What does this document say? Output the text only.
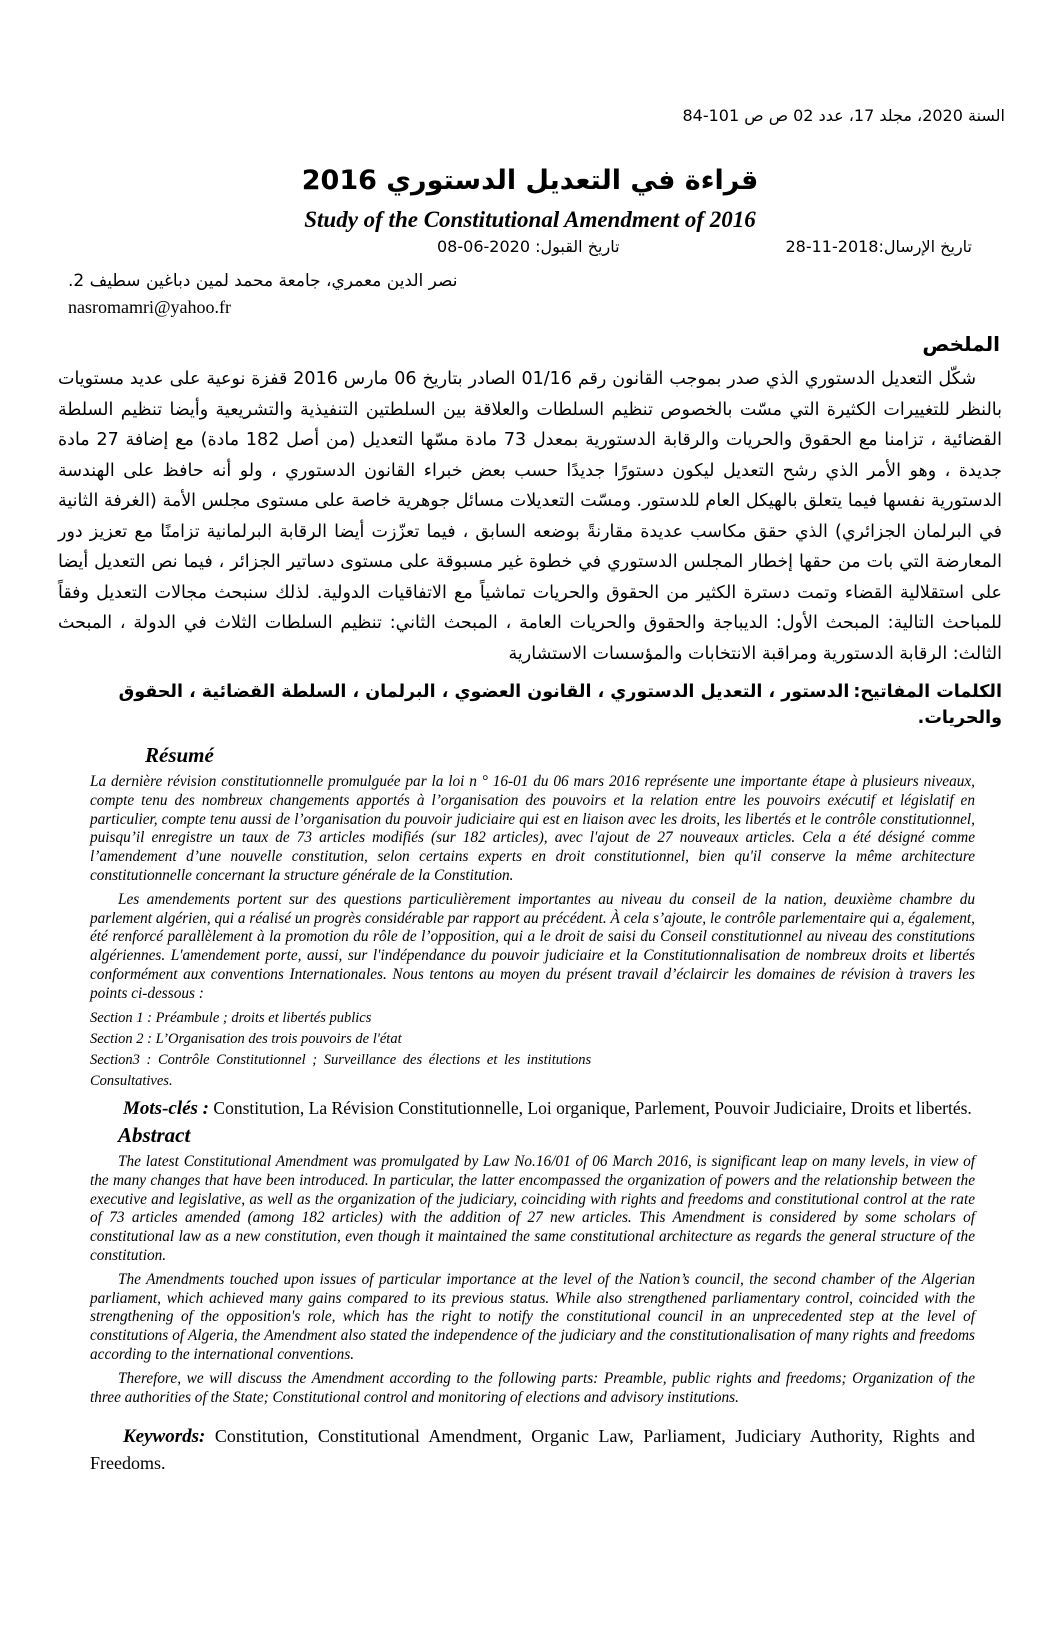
السنة 2020، مجلد 17، عدد 02 ص ص 101-84
قراءة في التعديل الدستوري 2016
Study of the Constitutional Amendment of 2016
تاريخ القبول: 2020-06-08	تاريخ الإرسال:2018-11-28
نصر الدين معمري، جامعة محمد لمين دباغين سطيف 2.
nasromamri@yahoo.fr
الملخص

شكّل التعديل الدستوري الذي صدر بموجب القانون رقم 01/16 الصادر بتاريخ 06 مارس 2016 قفزة نوعية على عديد مستويات بالنظر للتغييرات الكثيرة التي مسّت بالخصوص تنظيم السلطات والعلاقة بين السلطتين التنفيذية والتشريعية وأيضا تنظيم السلطة القضائية ، تزامنا مع الحقوق والحريات والرقابة الدستورية بمعدل 73 مادة مسّها التعديل (من أصل 182 مادة) مع إضافة 27 مادة جديدة ، وهو الأمر الذي رشح التعديل ليكون دستورًا جديدًا حسب بعض خبراء القانون الدستوري ، ولو أنه حافظ على الهندسة الدستورية نفسها فيما يتعلق بالهيكل العام للدستور. ومسّت التعديلات مسائل جوهرية خاصة على مستوى مجلس الأمة (الغرفة الثانية في البرلمان الجزائري) الذي حقق مكاسب عديدة مقارنةً بوضعه السابق ، فيما تعزّزت أيضا الرقابة البرلمانية تزامنًا مع تعزيز دور المعارضة التي بات من حقها إخطار المجلس الدستوري في خطوة غير مسبوقة على مستوى دساتير الجزائر ، فيما نص التعديل أيضا على استقلالية القضاء وتمت دسترة الكثير من الحقوق والحريات تماشياً مع الاتفاقيات الدولية. لذلك سنبحث مجالات التعديل وفقاً للمباحث التالية: المبحث الأول: الديباجة والحقوق والحريات العامة ، المبحث الثاني: تنظيم السلطات الثلاث في الدولة ، المبحث الثالث: الرقابة الدستورية ومراقبة الانتخابات والمؤسسات الاستشارية

الكلمات المفاتيح:الدستور ، التعديل الدستوري ، القانون العضوي ، البرلمان ، السلطة القضائية ، الحقوق والحريات.

Résumé

La dernière révision constitutionnelle promulguée par la loi n ° 16-01 du 06 mars 2016 représente une importante étape à plusieurs niveaux, compte tenu des nombreux changements apportés à l’organisation des pouvoirs et la relation entre les pouvoirs exécutif et législatif en particulier, compte tenu aussi de l’organisation du pouvoir judiciaire qui est en liaison avec les droits, les libertés et le contrôle constitutionnel, puisqu’il enregistre un taux de 73 articles modifiés (sur 182 articles), avec l'ajout de 27 nouveaux articles. Cela a été désigné comme l’amendement d’une nouvelle constitution, selon certains experts en droit constitutionnel, bien qu'il conserve la même architecture constitutionnelle concernant la structure générale de la Constitution.

Les amendements portent sur des questions particulièrement importantes au niveau du conseil de la nation, deuxième chambre du parlement algérien, qui a réalisé un progrès considérable par rapport au précédent. À cela s’ajoute, le contrôle parlementaire qui a, également, été renforcé parallèlement à la promotion du rôle de l’opposition, qui a le droit de saisi du Conseil constitutionnel au niveau des constitutions algériennes. L'amendement porte, aussi, sur l'indépendance du pouvoir judiciaire et la Constitutionnalisation de nombreux droits et libertés conformément aux conventions Internationales. Nous tentons au moyen du présent travail d’éclaircir les domaines de révision à travers les points ci-dessous :

Section 1 : Préambule ; droits et libertés publics
Section 2 : L’Organisation des trois pouvoirs de l'état
Section3 : Contrôle Constitutionnel ; Surveillance des élections et les institutions
Consultatives.

Mots-clés : Constitution, La Révision Constitutionnelle, Loi organique, Parlement, Pouvoir Judiciaire, Droits et libertés.

Abstract

The latest Constitutional Amendment was promulgated by Law No.16/01 of 06 March 2016, is significant leap on many levels, in view of the many changes that have been introduced. In particular, the latter encompassed the organization of powers and the relationship between the executive and legislative, as well as the organization of the judiciary, coinciding with rights and freedoms and constitutional control at the rate of 73 articles amended (among 182 articles) with the addition of 27 new articles. This Amendment is considered by some scholars of constitutional law as a new constitution, even though it maintained the same constitutional architecture as regards the general structure of the constitution.

The Amendments touched upon issues of particular importance at the level of the Nation’s council, the second chamber of the Algerian parliament, which achieved many gains compared to its previous status. While also strengthened parliamentary control, coincided with the strengthening of the opposition's role, which has the right to notify the constitutional council in an unprecedented step at the level of constitutions of Algeria, the Amendment also stated the independence of the judiciary and the constitutionalisation of many rights and freedoms according to the international conventions.

Therefore, we will discuss the Amendment according to the following parts: Preamble, public rights and freedoms; Organization of the three authorities of the State; Constitutional control and monitoring of elections and advisory institutions.

Keywords: Constitution, Constitutional Amendment, Organic Law, Parliament, Judiciary Authority, Rights and Freedoms.
